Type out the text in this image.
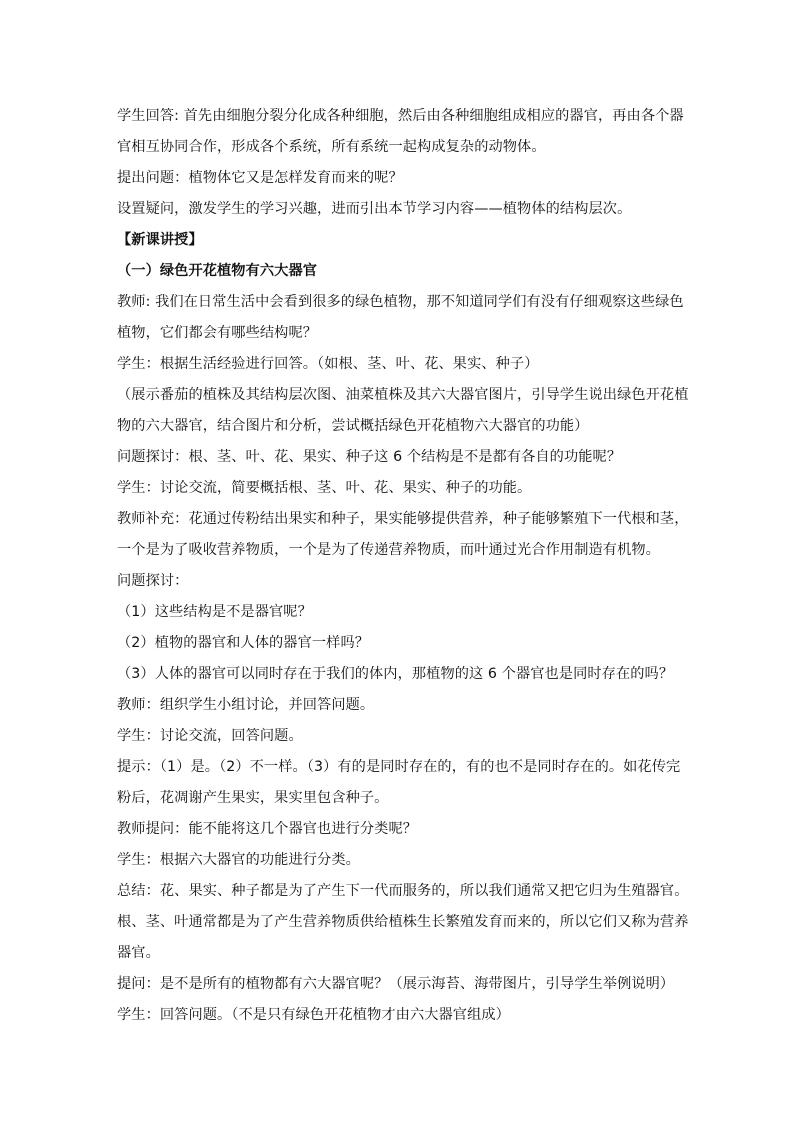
学生回答: 首先由细胞分裂分化成各种细胞，然后由各种细胞组成相应的器官，再由各个器
官相互协同合作，形成各个系统，所有系统一起构成复杂的动物体。
提出问题：植物体它又是怎样发育而来的呢？
设置疑问，激发学生的学习兴趣，进而引出本节学习内容——植物体的结构层次。
【新课讲授】
（一）绿色开花植物有六大器官
教师: 我们在日常生活中会看到很多的绿色植物，那不知道同学们有没有仔细观察这些绿色
植物，它们都会有哪些结构呢？
学生：根据生活经验进行回答。（如根、茎、叶、花、果实、种子）
（展示番茄的植株及其结构层次图、油菜植株及其六大器官图片，引导学生说出绿色开花植
物的六大器官，结合图片和分析，尝试概括绿色开花植物六大器官的功能）
问题探讨：根、茎、叶、花、果实、种子这 6 个结构是不是都有各自的功能呢？
学生：讨论交流，简要概括根、茎、叶、花、果实、种子的功能。
教师补充：花通过传粉结出果实和种子，果实能够提供营养，种子能够繁殖下一代根和茎，
一个是为了吸收营养物质，一个是为了传递营养物质，而叶通过光合作用制造有机物。
问题探讨：
（1）这些结构是不是器官呢？
（2）植物的器官和人体的器官一样吗？
（3）人体的器官可以同时存在于我们的体内，那植物的这 6 个器官也是同时存在的吗？
教师：组织学生小组讨论，并回答问题。
学生：讨论交流，回答问题。
提示：（1）是。（2）不一样。（3）有的是同时存在的，有的也不是同时存在的。如花传完
粉后，花凋谢产生果实，果实里包含种子。
教师提问：能不能将这几个器官也进行分类呢？
学生：根据六大器官的功能进行分类。
总结：花、果实、种子都是为了产生下一代而服务的，所以我们通常又把它归为生殖器官。
根、茎、叶通常都是为了产生营养物质供给植株生长繁殖发育而来的，所以它们又称为营养
器官。
提问：是不是所有的植物都有六大器官呢？（展示海苔、海带图片，引导学生举例说明）
学生：回答问题。（不是只有绿色开花植物才由六大器官组成）
